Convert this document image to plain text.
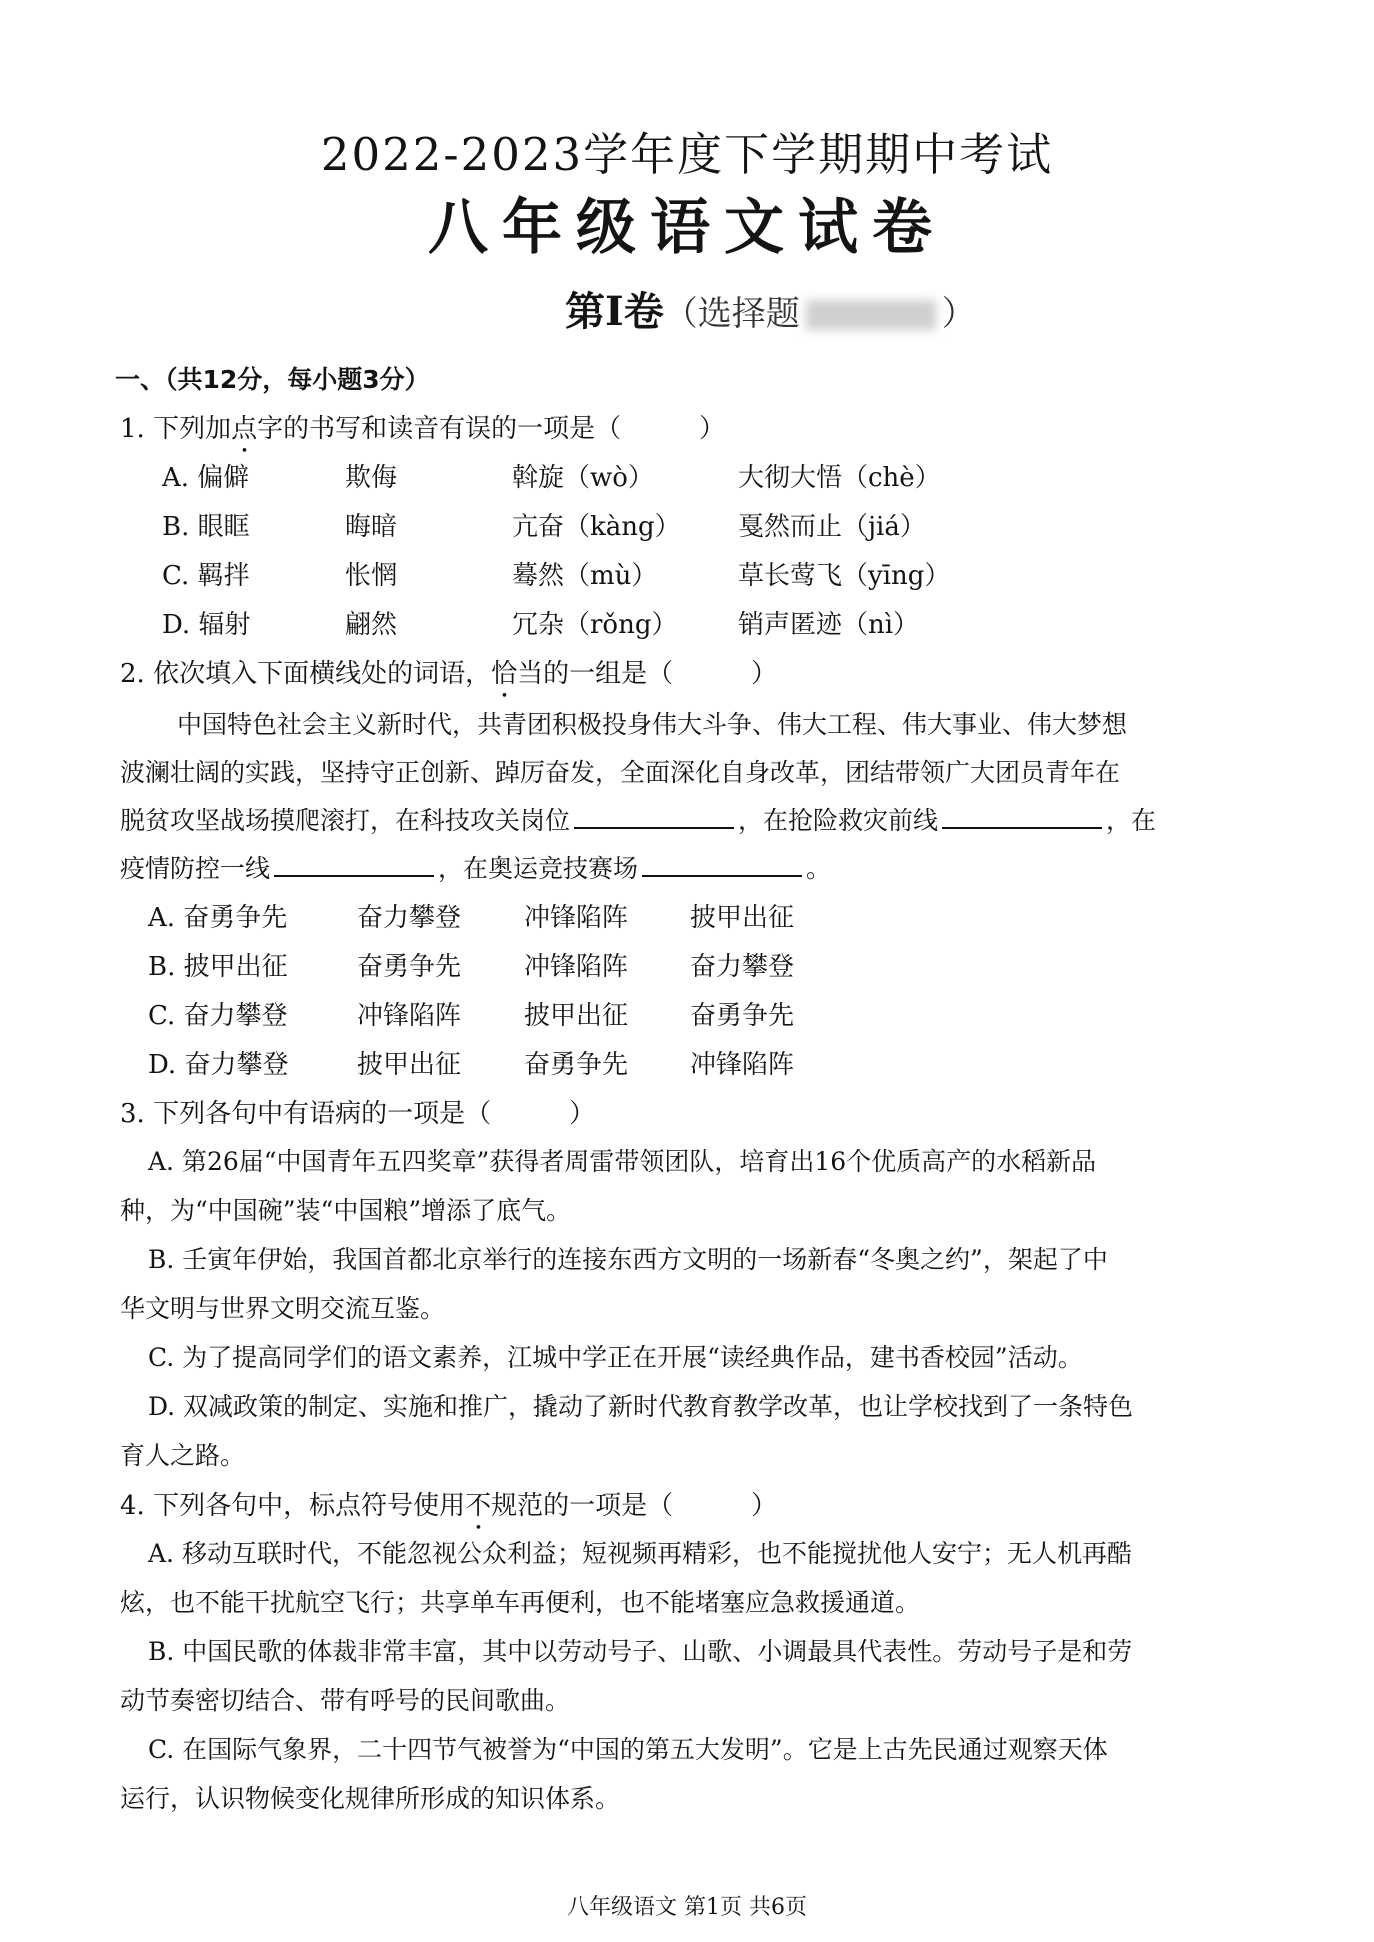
2022-2023学年度下学期期中考试
八年级语文试卷
第I卷（选择题	）
一、（共12分，每小题3分）
1. 下列加点字的书写和读音有误的一项是（　　　）
A. 偏僻	欺侮	斡旋（wò）	大彻大悟（chè）
B. 眼眶	晦暗	亢奋（kàng） 戛然而止（jiá）
C. 羁拌	怅惘	蓦然（mù）	草长莺飞（yīng）
D. 辐射	翩然	冗杂（rǒng） 销声匿迹（nì）
2. 依次填入下面横线处的词语，恰当的一组是（　　　）
中国特色社会主义新时代，共青团积极投身伟大斗争、伟大工程、伟大事业、伟大梦想
波澜壮阔的实践，坚持守正创新、踔厉奋发，全面深化自身改革，团结带领广大团员青年在
脱贫攻坚战场摸爬滚打，在科技攻关岗位	，在抢险救灾前线	，在
疫情防控一线	，在奥运竞技赛场	。
A. 奋勇争先	奋力攀登 冲锋陷阵 披甲出征
B. 披甲出征	奋勇争先 冲锋陷阵 奋力攀登
C. 奋力攀登	冲锋陷阵 披甲出征 奋勇争先
D. 奋力攀登	披甲出征 奋勇争先 冲锋陷阵
3. 下列各句中有语病的一项是（　　　）
A. 第26届“中国青年五四奖章”获得者周雷带领团队，培育出16个优质高产的水稻新品
种，为“中国碗”装“中国粮”增添了底气。
B. 壬寅年伊始，我国首都北京举行的连接东西方文明的一场新春“冬奥之约”，架起了中
华文明与世界文明交流互鉴。
C. 为了提高同学们的语文素养，江城中学正在开展“读经典作品，建书香校园”活动。
D. 双减政策的制定、实施和推广，撬动了新时代教育教学改革，也让学校找到了一条特色
育人之路。
4. 下列各句中，标点符号使用不规范的一项是（　　　）
A. 移动互联时代，不能忽视公众利益；短视频再精彩，也不能搅扰他人安宁；无人机再酷
炫，也不能干扰航空飞行；共享单车再便利，也不能堵塞应急救援通道。
B. 中国民歌的体裁非常丰富，其中以劳动号子、山歌、小调最具代表性。劳动号子是和劳
动节奏密切结合、带有呼号的民间歌曲。
C. 在国际气象界，二十四节气被誉为“中国的第五大发明”。它是上古先民通过观察天体
运行，认识物候变化规律所形成的知识体系。
八年级语文 第1页 共6页
